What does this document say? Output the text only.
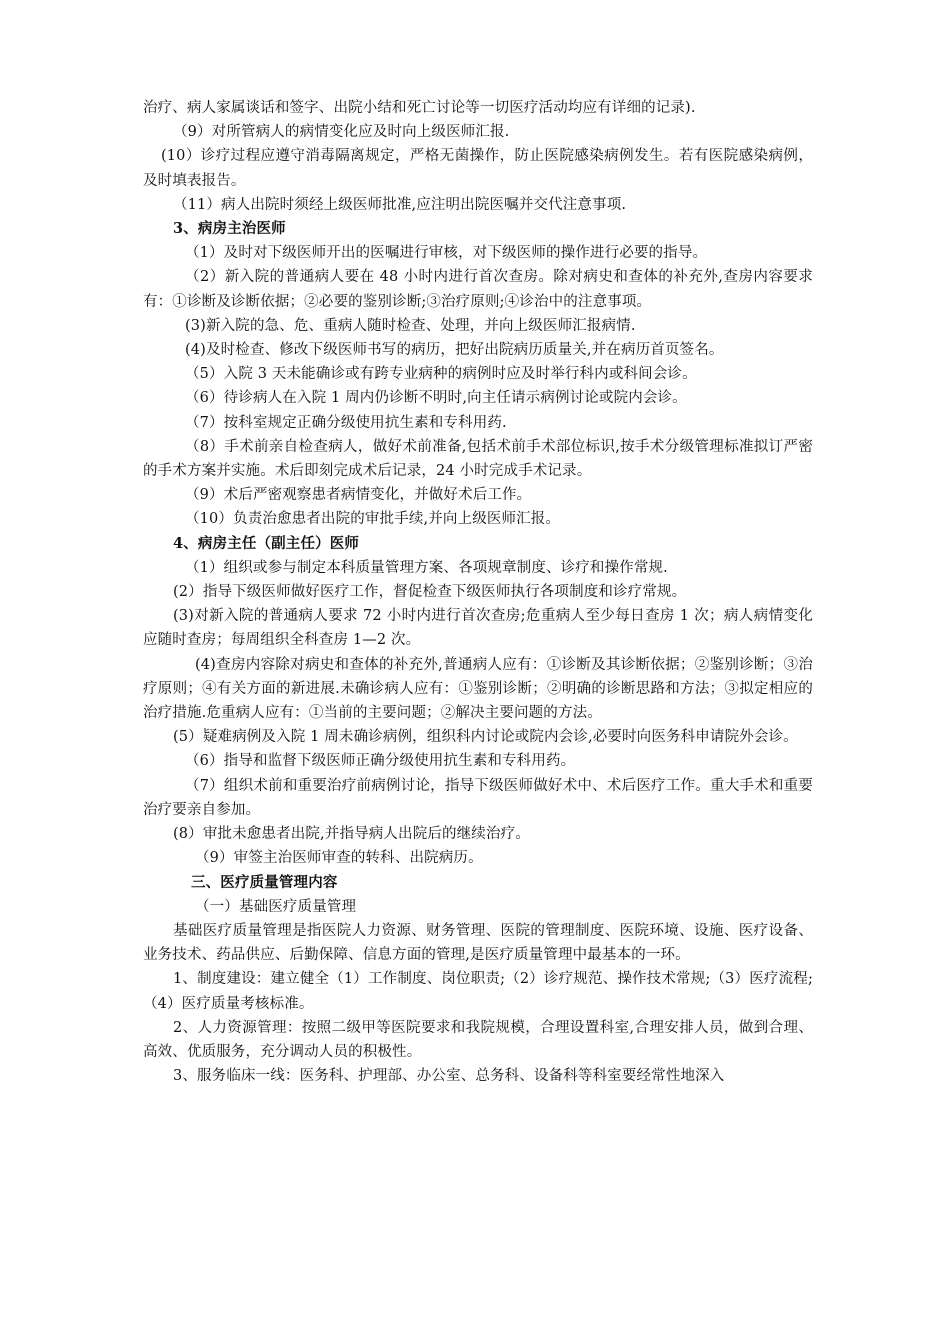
治疗、病人家属谈话和签字、出院小结和死亡讨论等一切医疗活动均应有详细的记录).

（9）对所管病人的病情变化应及时向上级医师汇报.

(10）诊疗过程应遵守消毒隔离规定，严格无菌操作，防止医院感染病例发生。若有医院感染病例，及时填表报告。

（11）病人出院时须经上级医师批准,应注明出院医嘱并交代注意事项.

3、病房主治医师

（1）及时对下级医师开出的医嘱进行审核，对下级医师的操作进行必要的指导。

（2）新入院的普通病人要在 48 小时内进行首次查房。除对病史和查体的补充外,查房内容要求有：①诊断及诊断依据；②必要的鉴别诊断;③治疗原则;④诊治中的注意事项。

(3)新入院的急、危、重病人随时检查、处理，并向上级医师汇报病情.

(4)及时检查、修改下级医师书写的病历，把好出院病历质量关,并在病历首页签名。

（5）入院 3 天未能确诊或有跨专业病种的病例时应及时举行科内或科间会诊。

（6）待诊病人在入院 1 周内仍诊断不明时,向主任请示病例讨论或院内会诊。

（7）按科室规定正确分级使用抗生素和专科用药.

（8）手术前亲自检查病人，做好术前准备,包括术前手术部位标识,按手术分级管理标准拟订严密的手术方案并实施。术后即刻完成术后记录，24 小时完成手术记录。

（9）术后严密观察患者病情变化，并做好术后工作。

（10）负责治愈患者出院的审批手续,并向上级医师汇报。

4、病房主任（副主任）医师

（1）组织或参与制定本科质量管理方案、各项规章制度、诊疗和操作常规.

(2）指导下级医师做好医疗工作，督促检查下级医师执行各项制度和诊疗常规。

(3)对新入院的普通病人要求 72 小时内进行首次查房;危重病人至少每日查房 1 次；病人病情变化应随时查房；每周组织全科查房 1—2 次。

(4)查房内容除对病史和查体的补充外,普通病人应有：①诊断及其诊断依据；②鉴别诊断；③治疗原则；④有关方面的新进展.未确诊病人应有：①鉴别诊断；②明确的诊断思路和方法；③拟定相应的治疗措施.危重病人应有：①当前的主要问题；②解决主要问题的方法。

(5）疑难病例及入院 1 周未确诊病例，组织科内讨论或院内会诊,必要时向医务科申请院外会诊。

（6）指导和监督下级医师正确分级使用抗生素和专科用药。

（7）组织术前和重要治疗前病例讨论，指导下级医师做好术中、术后医疗工作。重大手术和重要治疗要亲自参加。

(8）审批未愈患者出院,并指导病人出院后的继续治疗。

（9）审签主治医师审查的转科、出院病历。

三、医疗质量管理内容

（一）基础医疗质量管理

基础医疗质量管理是指医院人力资源、财务管理、医院的管理制度、医院环境、设施、医疗设备、业务技术、药品供应、后勤保障、信息方面的管理,是医疗质量管理中最基本的一环。

1、制度建设：建立健全（1）工作制度、岗位职责;（2）诊疗规范、操作技术常规;（3）医疗流程;（4）医疗质量考核标准。

2、人力资源管理：按照二级甲等医院要求和我院规模，合理设置科室,合理安排人员，做到合理、高效、优质服务，充分调动人员的积极性。

3、服务临床一线：医务科、护理部、办公室、总务科、设备科等科室要经常性地深入
